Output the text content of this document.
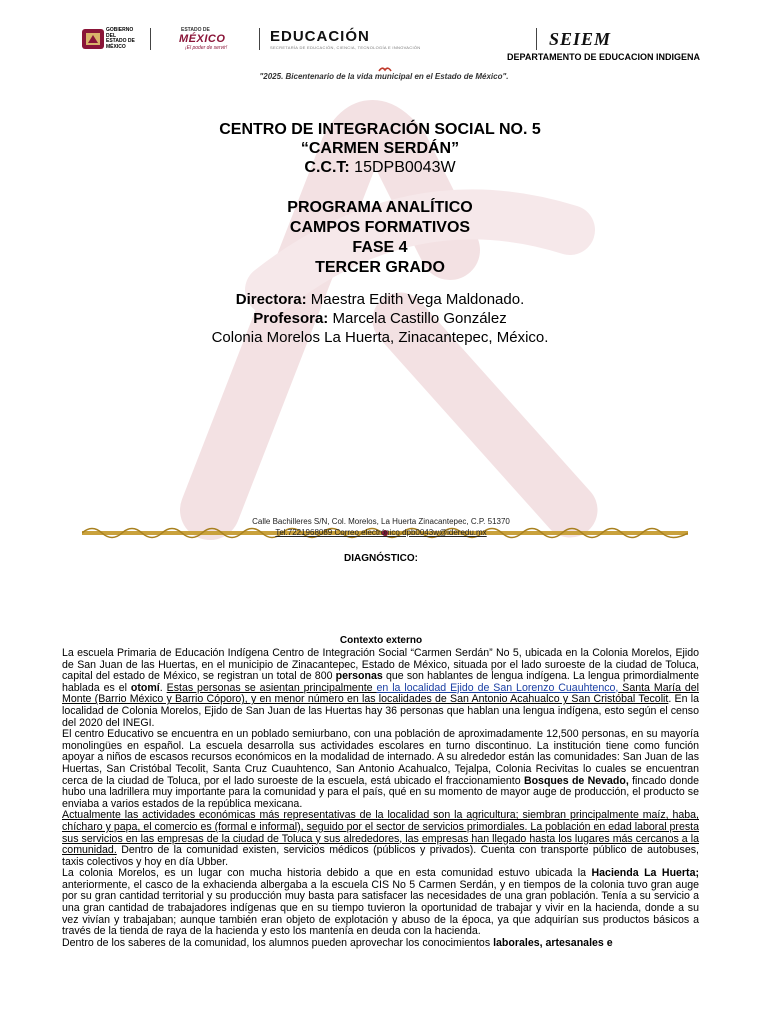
GOBIERNO DEL
ESTADO DE
MÉXICO
ESTADO DE
MÉXICO
¡El poder de servir!
EDUCACIÓN
SECRETARÍA DE EDUCACIÓN, CIENCIA, TECNOLOGÍA E INNOVACIÓN	SEIEM
DEPARTAMENTO DE EDUCACION INDIGENA
"2025. Bicentenario de la vida municipal en el Estado de México".
CENTRO DE INTEGRACIÓN SOCIAL NO. 5
“CARMEN SERDÁN”
C.C.T: 15DPB0043W
PROGRAMA ANALÍTICO
CAMPOS FORMATIVOS
FASE 4
TERCER GRADO
Directora: Maestra Edith Vega Maldonado.
Profesora: Marcela Castillo González
Colonia Morelos La Huerta, Zinacantepec, México.
Calle Bachilleres S/N, Col. Morelos, La Huerta Zinacantepec, C.P. 51370
Tel.7221968089 Correo electrónico dpb0043w@ideredu.mx
DIAGNÓSTICO:
Contexto externo

La escuela Primaria de Educación Indígena Centro de Integración Social “Carmen Serdán” No 5, ubicada en la Colonia Morelos, Ejido de San Juan de las Huertas, en el municipio de Zinacantepec, Estado de México, situada por el lado suroeste de la ciudad de Toluca, capital del estado de México, se registran un total de 800 personas que son hablantes de lengua indígena. La lengua primordialmente hablada es el otomí. Estas personas se asientan principalmente en la localidad Ejido de San Lorenzo Cuauhtenco, Santa María del Monte (Barrio México y Barrio Cóporo), y en menor número en las localidades de San Antonio Acahualco y San Cristóbal Tecolit. En la localidad de Colonia Morelos, Ejido de San Juan de las Huertas hay 36 personas que hablan una lengua indígena, esto según el censo del 2020 del INEGI.

El centro Educativo se encuentra en un poblado semiurbano, con una población de aproximadamente 12,500 personas, en su mayoría monolingües en español. La escuela desarrolla sus actividades escolares en turno discontinuo. La institución tiene como función apoyar a niños de escasos recursos económicos en la modalidad de internado. A su alrededor están las comunidades: San Juan de las Huertas, San Cristóbal Tecolit, Santa Cruz Cuauhtenco, San Antonio Acahualco, Tejalpa, Colonia Recivitas lo cuales se encuentran cerca de la ciudad de Toluca, por el lado suroeste de la escuela, está ubicado el fraccionamiento Bosques de Nevado, fincado donde hubo una ladrillera muy importante para la comunidad y para el país, qué en su momento de mayor auge de producción, el producto se enviaba a varios estados de la república mexicana.

Actualmente las actividades económicas más representativas de la localidad son la agricultura; siembran principalmente maíz, haba, chícharo y papa, el comercio es (formal e informal), seguido por el sector de servicios primordiales. La población en edad laboral presta sus servicios en las empresas de la ciudad de Toluca y sus alrededores, las empresas han llegado hasta los lugares más cercanos a la comunidad. Dentro de la comunidad existen, servicios médicos (públicos y privados). Cuenta con transporte público de autobuses, taxis colectivos y hoy en día Ubber.

La colonia Morelos, es un lugar con mucha historia debido a que en esta comunidad estuvo ubicada la Hacienda La Huerta; anteriormente, el casco de la exhacienda albergaba a la escuela CIS No 5 Carmen Serdán, y en tiempos de la colonia tuvo gran auge por su gran cantidad territorial y su producción muy basta para satisfacer las necesidades de una gran población. Tenía a su servicio a una gran cantidad de trabajadores indígenas que en su tiempo tuvieron la oportunidad de trabajar y vivir en la hacienda, donde a su vez vivían y trabajaban; aunque también eran objeto de explotación y abuso de la época, ya que adquirían sus productos básicos a través de la tienda de raya de la hacienda y esto los mantenía en deuda con la hacienda.

Dentro de los saberes de la comunidad, los alumnos pueden aprovechar los conocimientos laborales, artesanales e
